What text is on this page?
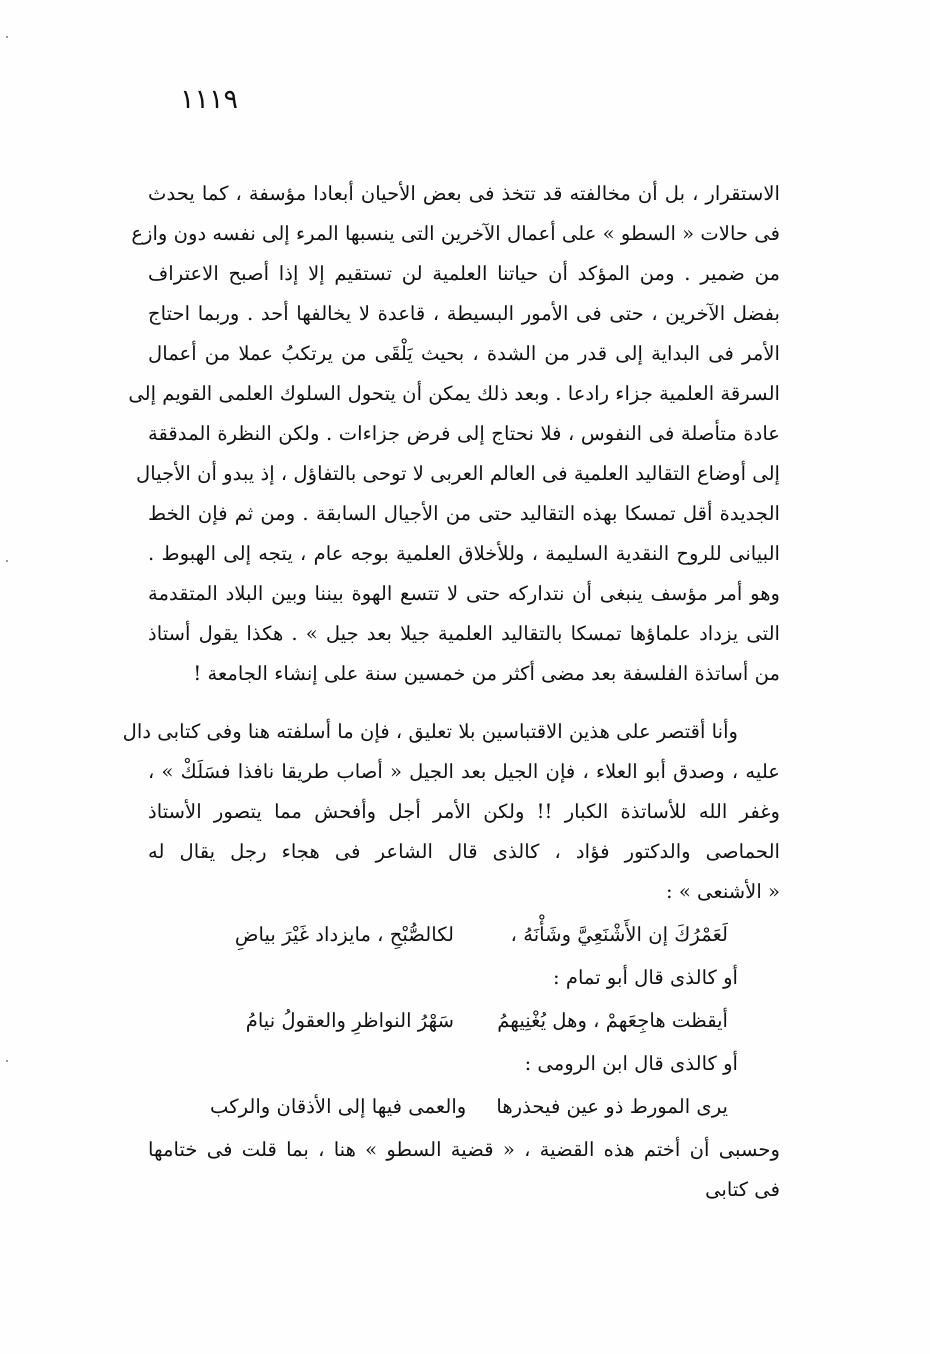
١١١٩
الاستقرار ، بل أن مخالفته قد تتخذ فى بعض الأحيان أبعادا مؤسفة ، كما يحدث
فى حالات « السطو » على أعمال الآخرين التى ينسبها المرء إلى نفسه دون وازع
من ضمير . ومن المؤكد أن حياتنا العلمية لن تستقيم إلا إذا أصبح الاعتراف
بفضل الآخرين ، حتى فى الأمور البسيطة ، قاعدة لا يخالفها أحد . وربما احتاج
الأمر فى البداية إلى قدر من الشدة ، بحيث يَلْقَى من يرتكبُ عملا من أعمال
السرقة العلمية جزاء رادعا . وبعد ذلك يمكن أن يتحول السلوك العلمى القويم إلى
عادة متأصلة فى النفوس ، فلا نحتاج إلى فرض جزاءات . ولكن النظرة المدققة
إلى أوضاع التقاليد العلمية فى العالم العربى لا توحى بالتفاؤل ، إذ يبدو أن الأجيال
الجديدة أقل تمسكا بهذه التقاليد حتى من الأجيال السابقة . ومن ثم فإن الخط
البيانى للروح النقدية السليمة ، وللأخلاق العلمية بوجه عام ، يتجه إلى الهبوط .
وهو أمر مؤسف ينبغى أن نتداركه حتى لا تتسع الهوة بيننا وبين البلاد المتقدمة
التى يزداد علماؤها تمسكا بالتقاليد العلمية جيلا بعد جيل » . هكذا يقول أستاذ
من أساتذة الفلسفة بعد مضى أكثر من خمسين سنة على إنشاء الجامعة !
وأنا أقتصر على هذين الاقتباسين بلا تعليق ، فإن ما أسلفته هنا وفى كتابى دال
عليه ، وصدق أبو العلاء ، فإن الجيل بعد الجيل « أصاب طريقا نافذا فسَلَكْ » ،
وغفر الله للأساتذة الكبار !! ولكن الأمر أجل وأفحش مما يتصور الأستاذ
الحماصى والدكتور فؤاد ، كالذى قال الشاعر فى هجاء رجل يقال له
« الأشنعى » :
لَعَمْرُكَ إن الأَشْنَعِيَّ وشَأْنَهُ ،
لكالصُّبْحِ ، مايزداد غَيْرَ بياضِ
أو كالذى قال أبو تمام :
أيقظت هاجِعَهمْ ، وهل يُغْنِيهمُ
سَهْرُ النواظرِ والعقولُ نيامُ
أو كالذى قال ابن الرومى :
يرى المورط ذو عين فيحذرها
والعمى فيها إلى الأذقان والركب
وحسبى أن أختم هذه القضية ، « قضية السطو » هنا ، بما قلت فى ختامها
فى كتابى
